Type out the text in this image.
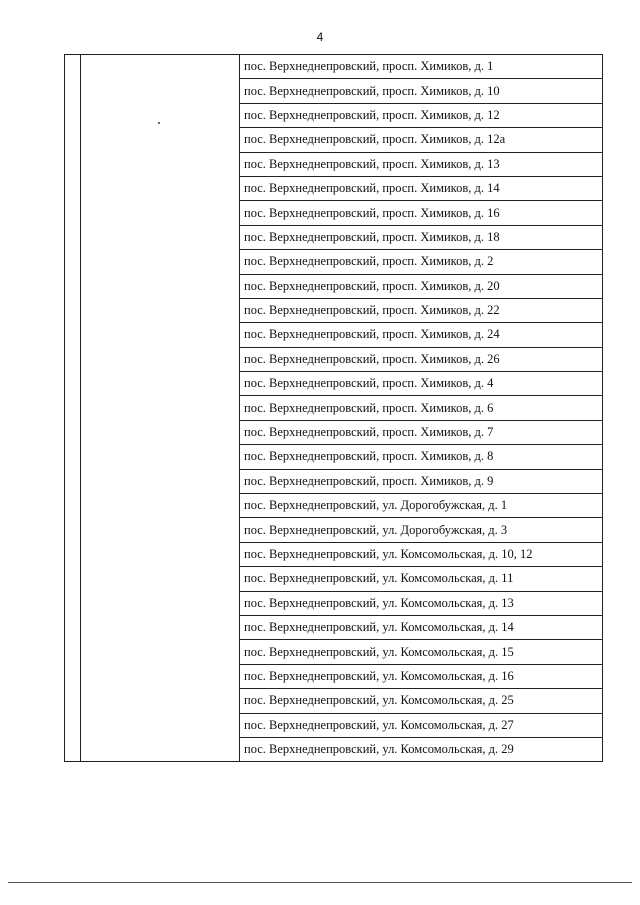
4
		пос. Верхнеднепровский, просп. Химиков, д. 1
пос. Верхнеднепровский, просп. Химиков, д. 10
пос. Верхнеднепровский, просп. Химиков, д. 12
пос. Верхнеднепровский, просп. Химиков, д. 12а
пос. Верхнеднепровский, просп. Химиков, д. 13
пос. Верхнеднепровский, просп. Химиков, д. 14
пос. Верхнеднепровский, просп. Химиков, д. 16
пос. Верхнеднепровский, просп. Химиков, д. 18
пос. Верхнеднепровский, просп. Химиков, д. 2
пос. Верхнеднепровский, просп. Химиков, д. 20
пос. Верхнеднепровский, просп. Химиков, д. 22
пос. Верхнеднепровский, просп. Химиков, д. 24
пос. Верхнеднепровский, просп. Химиков, д. 26
пос. Верхнеднепровский, просп. Химиков, д. 4
пос. Верхнеднепровский, просп. Химиков, д. 6
пос. Верхнеднепровский, просп. Химиков, д. 7
пос. Верхнеднепровский, просп. Химиков, д. 8
пос. Верхнеднепровский, просп. Химиков, д. 9
пос. Верхнеднепровский, ул. Дорогобужская, д. 1
пос. Верхнеднепровский, ул. Дорогобужская, д. 3
пос. Верхнеднепровский, ул. Комсомольская, д. 10, 12
пос. Верхнеднепровский, ул. Комсомольская, д. 11
пос. Верхнеднепровский, ул. Комсомольская, д. 13
пос. Верхнеднепровский, ул. Комсомольская, д. 14
пос. Верхнеднепровский, ул. Комсомольская, д. 15
пос. Верхнеднепровский, ул. Комсомольская, д. 16
пос. Верхнеднепровский, ул. Комсомольская, д. 25
пос. Верхнеднепровский, ул. Комсомольская, д. 27
пос. Верхнеднепровский, ул. Комсомольская, д. 29
